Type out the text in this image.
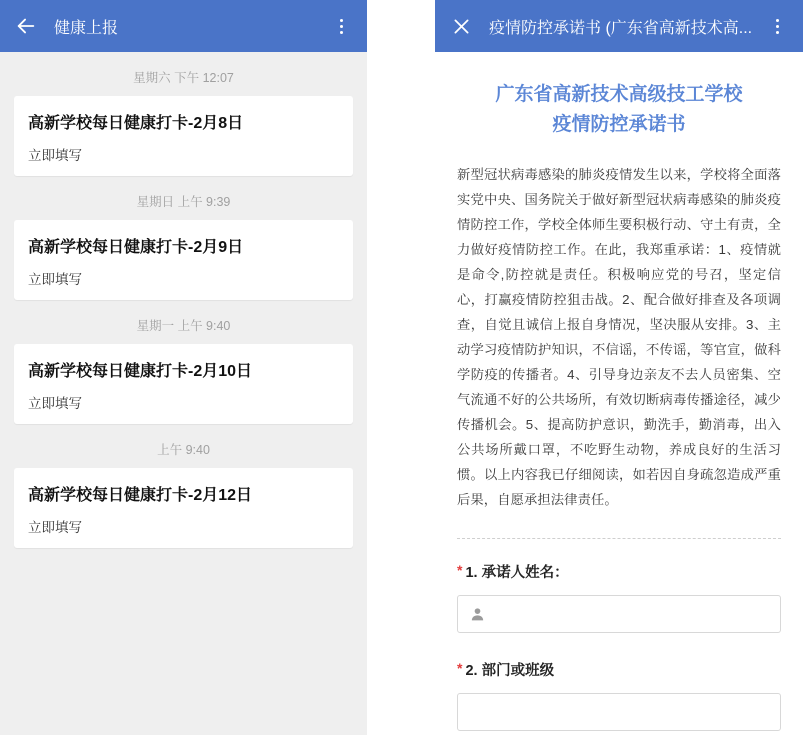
健康上报
星期六 下午 12:07
高新学校每日健康打卡-2月8日
立即填写
星期日 上午 9:39
高新学校每日健康打卡-2月9日
立即填写
星期一 上午 9:40
高新学校每日健康打卡-2月10日
立即填写
上午 9:40
高新学校每日健康打卡-2月12日
立即填写
疫情防控承诺书 (广东省高新技术高...
广东省高新技术高级技工学校
疫情防控承诺书
新型冠状病毒感染的肺炎疫情发生以来，学校将全面落实党中央、国务院关于做好新型冠状病毒感染的肺炎疫情防控工作，学校全体师生要积极行动、守土有责，全力做好疫情防控工作。在此，我郑重承诺：1、疫情就是命令,防控就是责任。积极响应党的号召，坚定信心，打赢疫情防控狙击战。2、配合做好排查及各项调查，自觉且诚信上报自身情况，坚决服从安排。3、主动学习疫情防护知识，不信谣，不传谣，等官宣，做科学防疫的传播者。4、引导身边亲友不去人员密集、空气流通不好的公共场所，有效切断病毒传播途径，减少传播机会。5、提高防护意识，勤洗手，勤消毒，出入公共场所戴口罩，不吃野生动物，养成良好的生活习惯。以上内容我已仔细阅读，如若因自身疏忽造成严重后果，自愿承担法律责任。
* 1. 承诺人姓名：
* 2. 部门或班级
